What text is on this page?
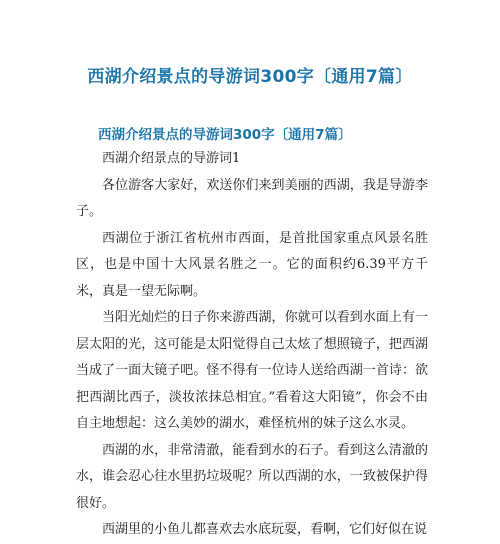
西湖介绍景点的导游词300字〔通用7篇〕
西湖介绍景点的导游词300字〔通用7篇〕

西湖介绍景点的导游词1

各位游客大家好，欢送你们来到美丽的西湖，我是导游李子。

西湖位于浙江省杭州市西面，是首批国家重点风景名胜区，也是中国十大风景名胜之一。它的面积约6.39平方千米，真是一望无际啊。

当阳光灿烂的日子你来游西湖，你就可以看到水面上有一层太阳的光，这可能是太阳觉得自己太炫了想照镜子，把西湖当成了一面大镜子吧。怪不得有一位诗人送给西湖一首诗：欲把西湖比西子，淡妆浓抹总相宜。”看着这大阳镜”，你会不由自主地想起：这么美妙的湖水，难怪杭州的妹子这么水灵。

西湖的水，非常清澈，能看到水的石子。看到这么清澈的水，谁会忍心往水里扔垃圾呢？所以西湖的水，一致被保护得很好。

西湖里的小鱼儿都喜欢去水底玩耍，看啊，它们好似在说
